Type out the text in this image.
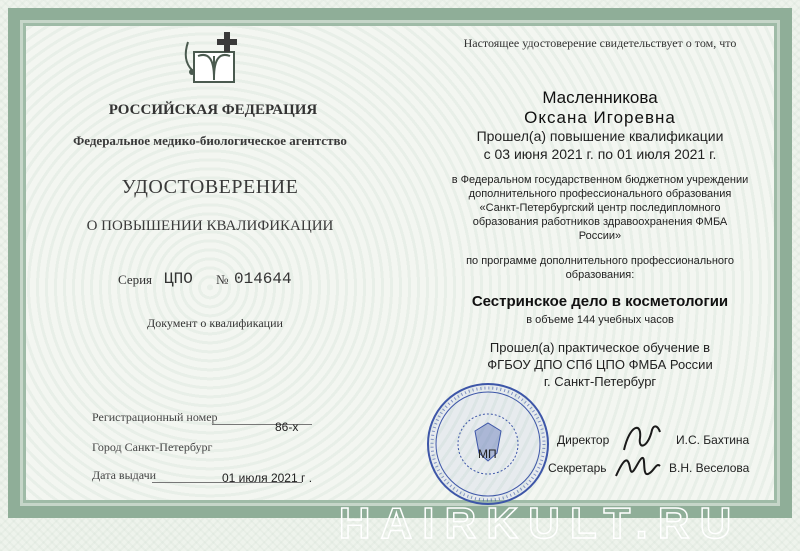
РОССИЙСКАЯ ФЕДЕРАЦИЯ
Федеральное медико-биологическое агентство
УДОСТОВЕРЕНИЕ
О ПОВЫШЕНИИ КВАЛИФИКАЦИИ
Серия ЦПО № 014644
Документ о квалификации
Регистрационный номер
86-х
Город Санкт-Петербург
Дата выдачи	01 июля 2021 г .
Настоящее удостоверение свидетельствует о том, что
Масленникова
Оксана Игоревна
Прошел(а) повышение квалификации
с 03 июня 2021 г. по 01 июля 2021 г.
в Федеральном государственном бюджетном учреждении
дополнительного профессионального образования
«Санкт-Петербургский центр последипломного
образования работников здравоохранения ФМБА
России»
по программе дополнительного профессионального
образования:
Сестринское дело в косметологии
в объеме 144 учебных часов
Прошел(а) практическое обучение в
ФГБОУ ДПО СПб ЦПО ФМБА России
г. Санкт-Петербург
МП
Директор	И.С. Бахтина
Секретарь	В.Н. Веселова
HAIRKULT.RU
